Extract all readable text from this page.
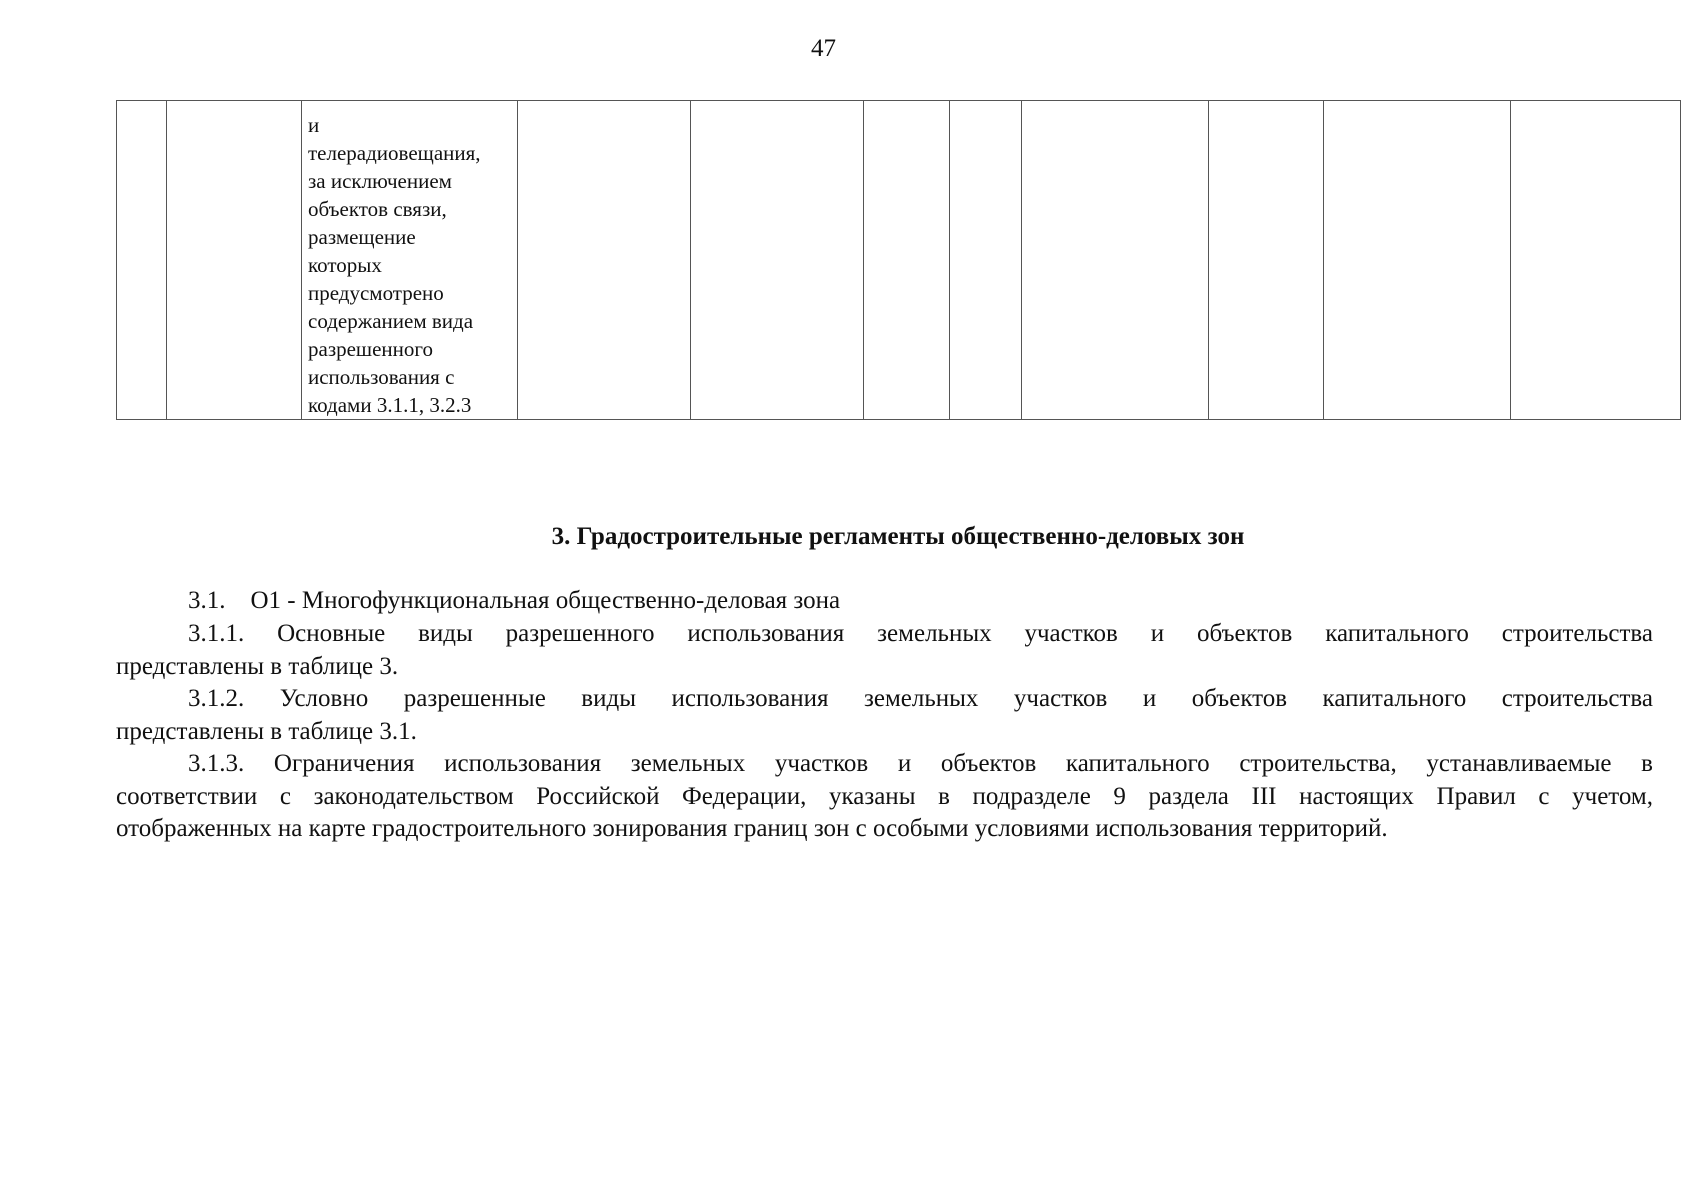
47

и
телерадиовещания,
за исключением
объектов связи,
размещение
которых
предусмотрено
содержанием вида
разрешенного
использования с
кодами 3.1.1, 3.2.3

3. Градостроительные регламенты общественно-деловых зон
3.1. О1 - Многофункциональная общественно-деловая зона
3.1.1. Основные виды разрешенного использования земельных участков и объектов капитального строительства
представлены в таблице 3.
3.1.2. Условно разрешенные виды использования земельных участков и объектов капитального строительства
представлены в таблице 3.1.
3.1.3. Ограничения использования земельных участков и объектов капитального строительства, устанавливаемые в
соответствии с законодательством Российской Федерации, указаны в подразделе 9 раздела III настоящих Правил с учетом,
отображенных на карте градостроительного зонирования границ зон с особыми условиями использования территорий.
